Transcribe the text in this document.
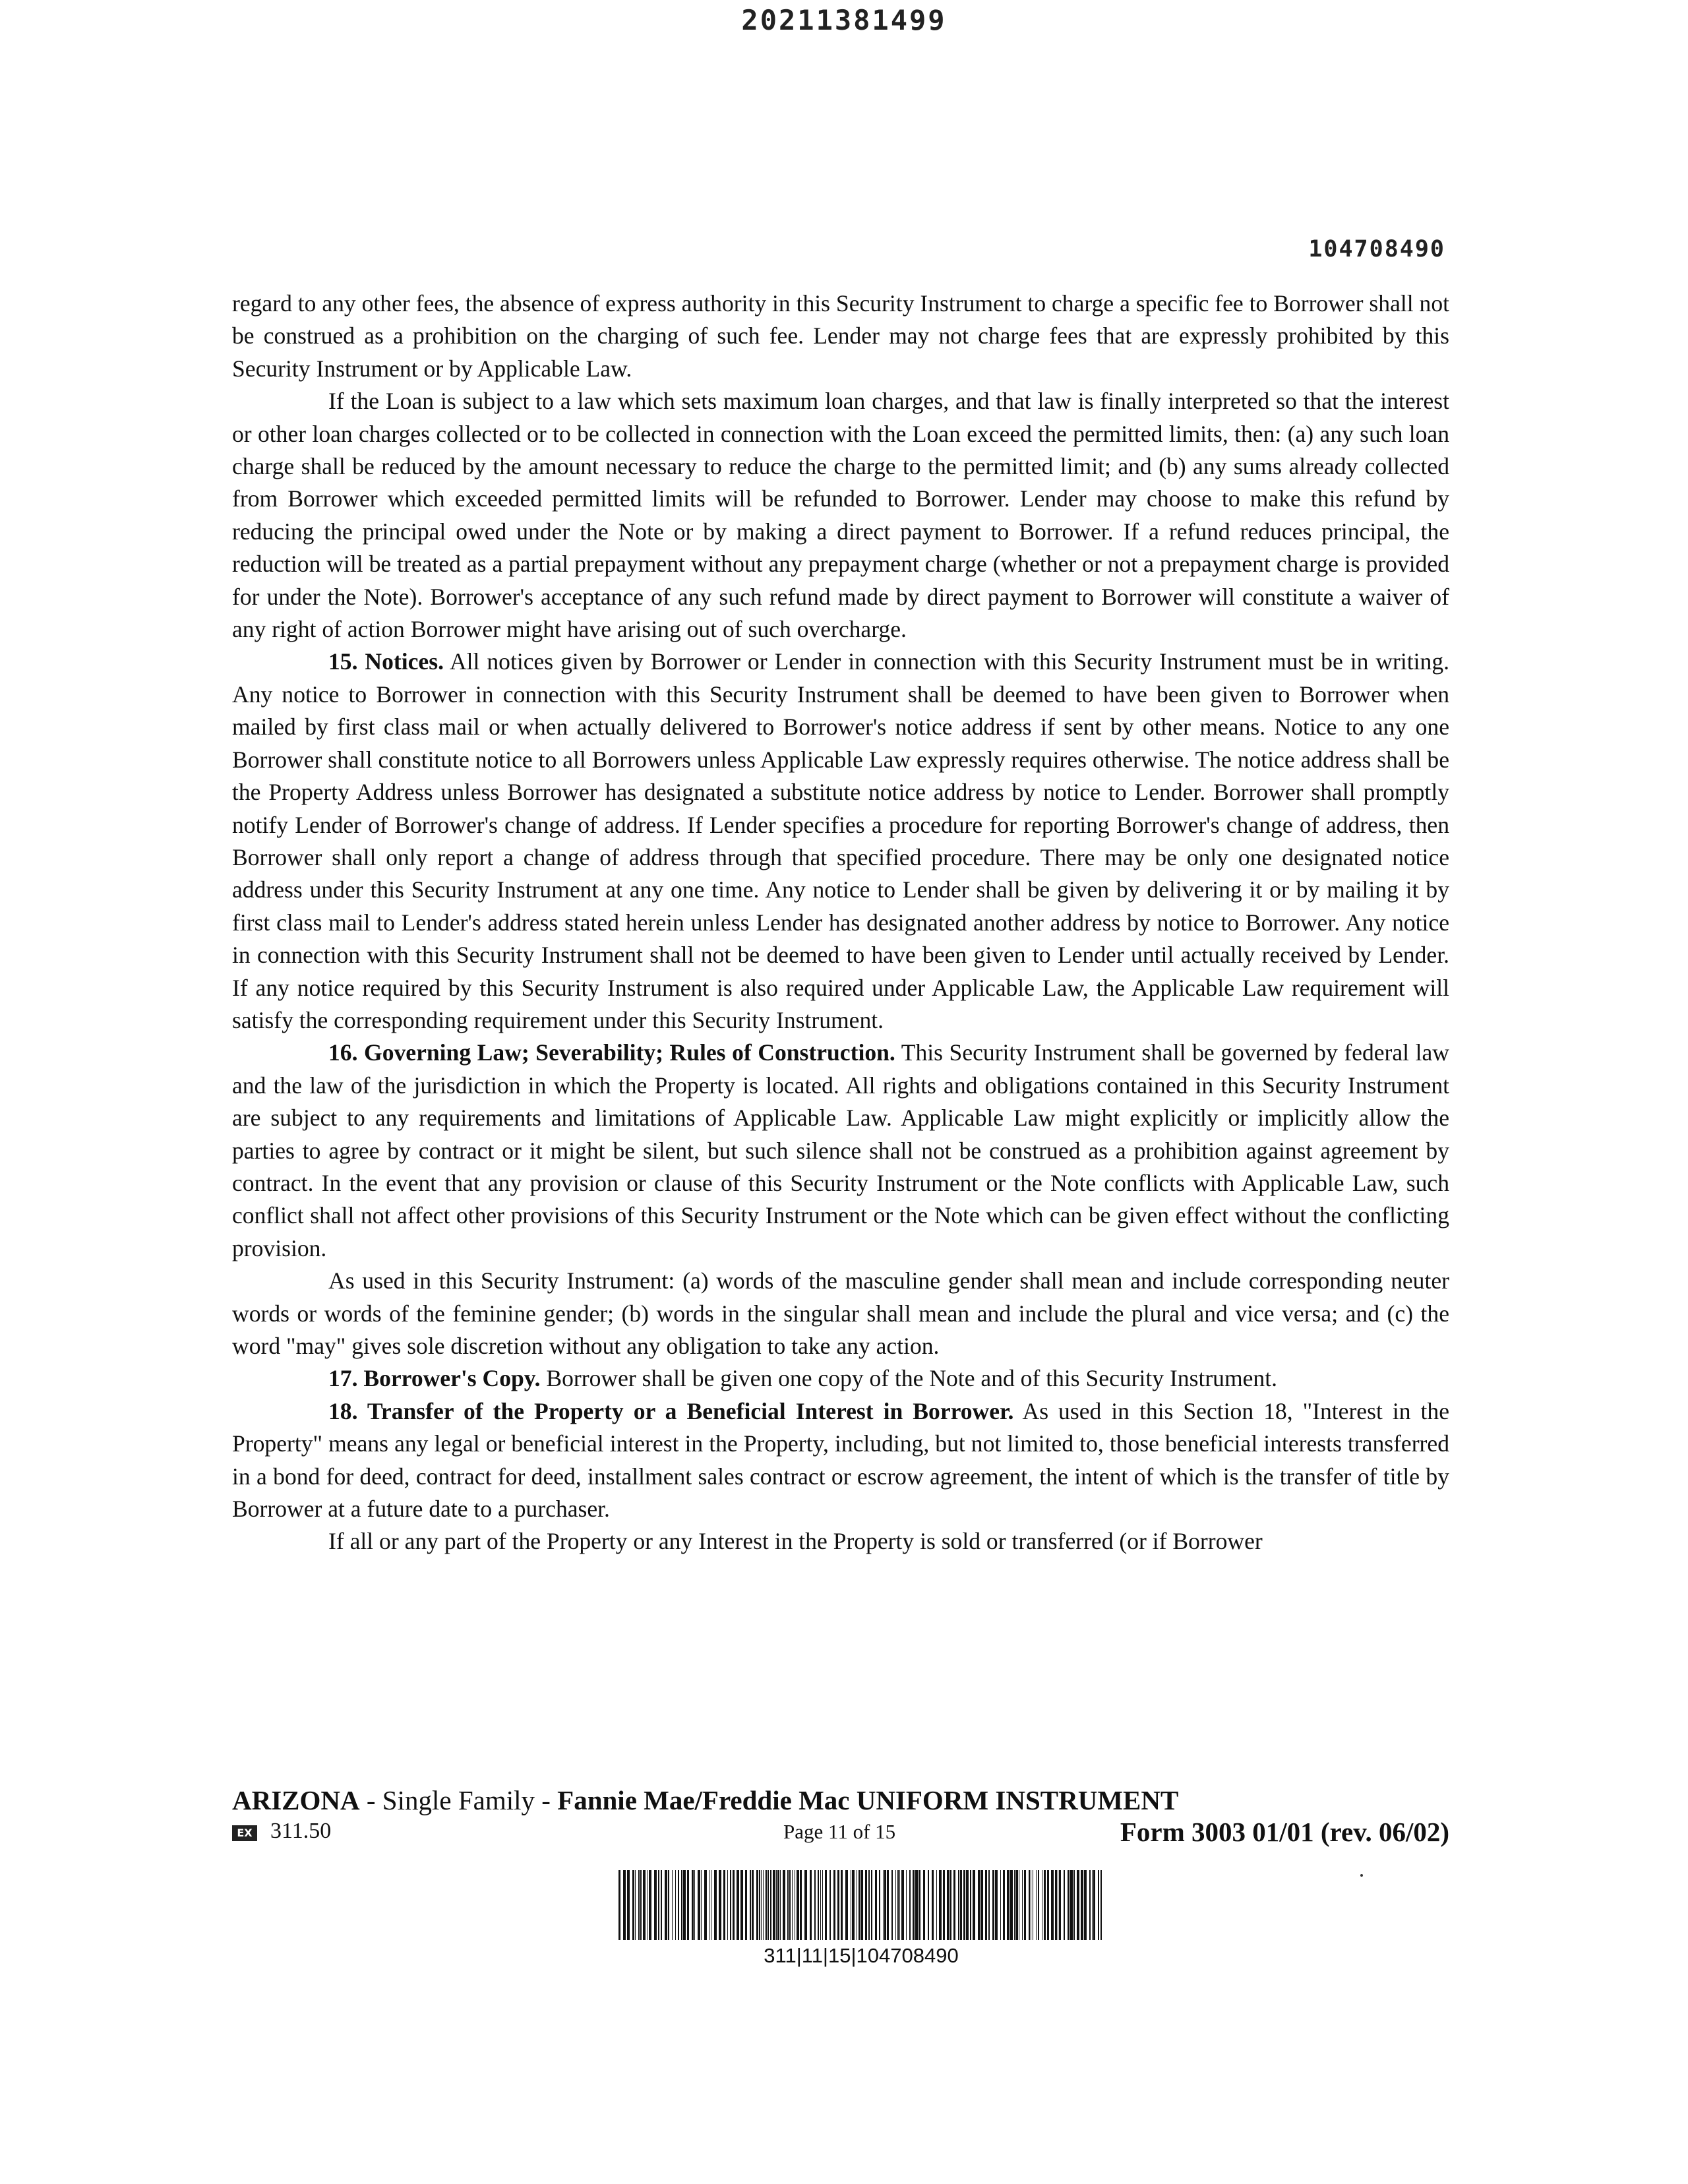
20211381499
104708490

regard to any other fees, the absence of express authority in this Security Instrument to charge a specific fee to Borrower shall not be construed as a prohibition on the charging of such fee. Lender may not charge fees that are expressly prohibited by this Security Instrument or by Applicable Law.

If the Loan is subject to a law which sets maximum loan charges, and that law is finally interpreted so that the interest or other loan charges collected or to be collected in connection with the Loan exceed the permitted limits, then: (a) any such loan charge shall be reduced by the amount necessary to reduce the charge to the permitted limit; and (b) any sums already collected from Borrower which exceeded permitted limits will be refunded to Borrower. Lender may choose to make this refund by reducing the principal owed under the Note or by making a direct payment to Borrower. If a refund reduces principal, the reduction will be treated as a partial prepayment without any prepayment charge (whether or not a prepayment charge is provided for under the Note). Borrower's acceptance of any such refund made by direct payment to Borrower will constitute a waiver of any right of action Borrower might have arising out of such overcharge.

15. Notices. All notices given by Borrower or Lender in connection with this Security Instrument must be in writing. Any notice to Borrower in connection with this Security Instrument shall be deemed to have been given to Borrower when mailed by first class mail or when actually delivered to Borrower's notice address if sent by other means. Notice to any one Borrower shall constitute notice to all Borrowers unless Applicable Law expressly requires otherwise. The notice address shall be the Property Address unless Borrower has designated a substitute notice address by notice to Lender. Borrower shall promptly notify Lender of Borrower's change of address. If Lender specifies a procedure for reporting Borrower's change of address, then Borrower shall only report a change of address through that specified procedure. There may be only one designated notice address under this Security Instrument at any one time. Any notice to Lender shall be given by delivering it or by mailing it by first class mail to Lender's address stated herein unless Lender has designated another address by notice to Borrower. Any notice in connection with this Security Instrument shall not be deemed to have been given to Lender until actually received by Lender. If any notice required by this Security Instrument is also required under Applicable Law, the Applicable Law requirement will satisfy the corresponding requirement under this Security Instrument.

16. Governing Law; Severability; Rules of Construction. This Security Instrument shall be governed by federal law and the law of the jurisdiction in which the Property is located. All rights and obligations contained in this Security Instrument are subject to any requirements and limitations of Applicable Law. Applicable Law might explicitly or implicitly allow the parties to agree by contract or it might be silent, but such silence shall not be construed as a prohibition against agreement by contract. In the event that any provision or clause of this Security Instrument or the Note conflicts with Applicable Law, such conflict shall not affect other provisions of this Security Instrument or the Note which can be given effect without the conflicting provision.

As used in this Security Instrument: (a) words of the masculine gender shall mean and include corresponding neuter words or words of the feminine gender; (b) words in the singular shall mean and include the plural and vice versa; and (c) the word "may" gives sole discretion without any obligation to take any action.

17. Borrower's Copy. Borrower shall be given one copy of the Note and of this Security Instrument.

18. Transfer of the Property or a Beneficial Interest in Borrower. As used in this Section 18, "Interest in the Property" means any legal or beneficial interest in the Property, including, but not limited to, those beneficial interests transferred in a bond for deed, contract for deed, installment sales contract or escrow agreement, the intent of which is the transfer of title by Borrower at a future date to a purchaser.

If all or any part of the Property or any Interest in the Property is sold or transferred (or if Borrower

ARIZONA - Single Family - Fannie Mae/Freddie Mac UNIFORM INSTRUMENT
EX 311.50	Page 11 of 15	Form 3003 01/01 (rev. 06/02)
311|11|15|104708490
